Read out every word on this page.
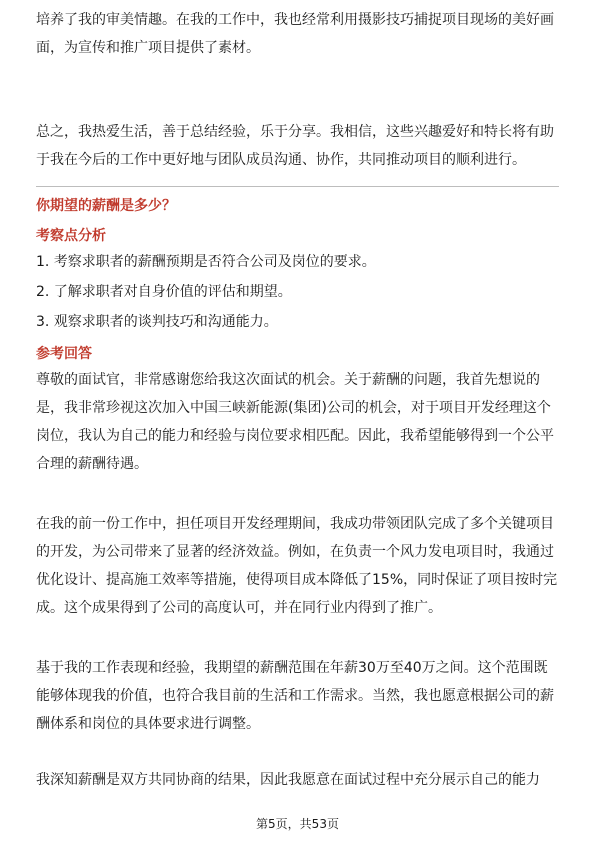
培养了我的审美情趣。在我的工作中，我也经常利用摄影技巧捕捉项目现场的美好画面，为宣传和推广项目提供了素材。

总之，我热爱生活，善于总结经验，乐于分享。我相信，这些兴趣爱好和特长将有助于我在今后的工作中更好地与团队成员沟通、协作，共同推动项目的顺利进行。

你期望的薪酬是多少？
考察点分析
1. 考察求职者的薪酬预期是否符合公司及岗位的要求。
2. 了解求职者对自身价值的评估和期望。
3. 观察求职者的谈判技巧和沟通能力。
参考回答

尊敬的面试官，非常感谢您给我这次面试的机会。关于薪酬的问题，我首先想说的是，我非常珍视这次加入中国三峡新能源(集团)公司的机会，对于项目开发经理这个岗位，我认为自己的能力和经验与岗位要求相匹配。因此，我希望能够得到一个公平合理的薪酬待遇。

在我的前一份工作中，担任项目开发经理期间，我成功带领团队完成了多个关键项目的开发，为公司带来了显著的经济效益。例如，在负责一个风力发电项目时，我通过优化设计、提高施工效率等措施，使得项目成本降低了15%，同时保证了项目按时完成。这个成果得到了公司的高度认可，并在同行业内得到了推广。

基于我的工作表现和经验，我期望的薪酬范围在年薪30万至40万之间。这个范围既能够体现我的价值，也符合我目前的生活和工作需求。当然，我也愿意根据公司的薪酬体系和岗位的具体要求进行调整。

我深知薪酬是双方共同协商的结果，因此我愿意在面试过程中充分展示自己的能力

第5页，共53页
